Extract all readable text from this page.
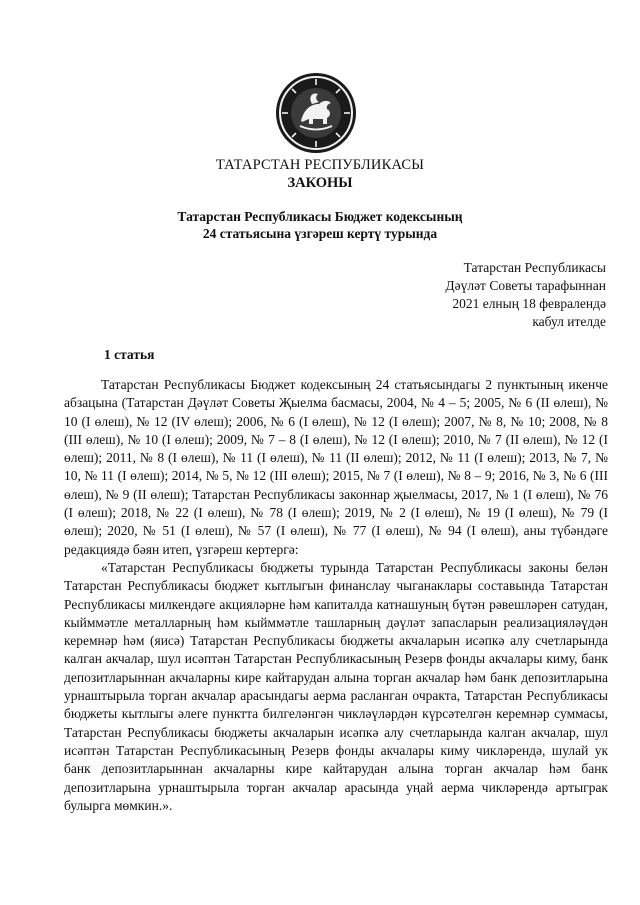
ТАТАРСТАН РЕСПУБЛИКАСЫ
ЗАКОНЫ
Татарстан Республикасы Бюджет кодексының
24 статьясына үзгәреш кертү турында
Татарстан Республикасы
Дәүләт Советы тарафыннан
2021 елның 18 февралендә
кабул ителде
1 статья

Татарстан Республикасы Бюджет кодексының 24 статьясындагы 2 пунктының икенче абзацына (Татарстан Дәүләт Советы Җыелма басмасы, 2004, № 4 – 5; 2005, № 6 (II өлеш), № 10 (I өлеш), № 12 (IV өлеш); 2006, № 6 (I өлеш), № 12 (I өлеш); 2007, № 8, № 10; 2008, № 8 (III өлеш), № 10 (I өлеш); 2009, № 7 – 8 (I өлеш), № 12 (I өлеш); 2010, № 7 (II өлеш), № 12 (I өлеш); 2011, № 8 (I өлеш), № 11 (I өлеш), № 11 (II өлеш); 2012, № 11 (I өлеш); 2013, № 7, № 10, № 11 (I өлеш); 2014, № 5, № 12 (III өлеш); 2015, № 7 (I өлеш), № 8 – 9; 2016, № 3, № 6 (III өлеш), № 9 (II өлеш); Татарстан Республикасы законнар җыелмасы, 2017, № 1 (I өлеш), № 76 (I өлеш); 2018, № 22 (I өлеш), № 78 (I өлеш); 2019, № 2 (I өлеш), № 19 (I өлеш), № 79 (I өлеш); 2020, № 51 (I өлеш), № 57 (I өлеш), № 77 (I өлеш), № 94 (I өлеш), аны түбәндәге редакциядә бәян итеп, үзгәреш кертергә:

«Татарстан Республикасы бюджеты турында Татарстан Республикасы законы белән Татарстан Республикасы бюджет кытлыгын финанслау чыганаклары составында Татарстан Республикасы милкендәге акцияләрне һәм капиталда катнашуның бүтән рәвешләрен сатудан, кыйммәтле металларның һәм кыйммәтле ташларның дәүләт запасларын реализацияләүдән керемнәр һәм (яисә) Татарстан Республикасы бюджеты акчаларын исәпкә алу счетларында калган акчалар, шул исәптән Татарстан Республикасының Резерв фонды акчалары киму, банк депозитларыннан акчаларны кире кайтарудан алына торган акчалар һәм банк депозитларына урнаштырыла торган акчалар арасындагы аерма расланган очракта, Татарстан Республикасы бюджеты кытлыгы әлеге пунктта билгеләнгән чикләүләрдән күрсәтелгән керемнәр суммасы, Татарстан Республикасы бюджеты акчаларын исәпкә алу счетларында калган акчалар, шул исәптән Татарстан Республикасының Резерв фонды акчалары киму чикләрендә, шулай ук банк депозитларыннан акчаларны кире кайтарудан алына торган акчалар һәм банк депозитларына урнаштырыла торган акчалар арасында уңай аерма чикләрендә артыграк булырга мөмкин.».
